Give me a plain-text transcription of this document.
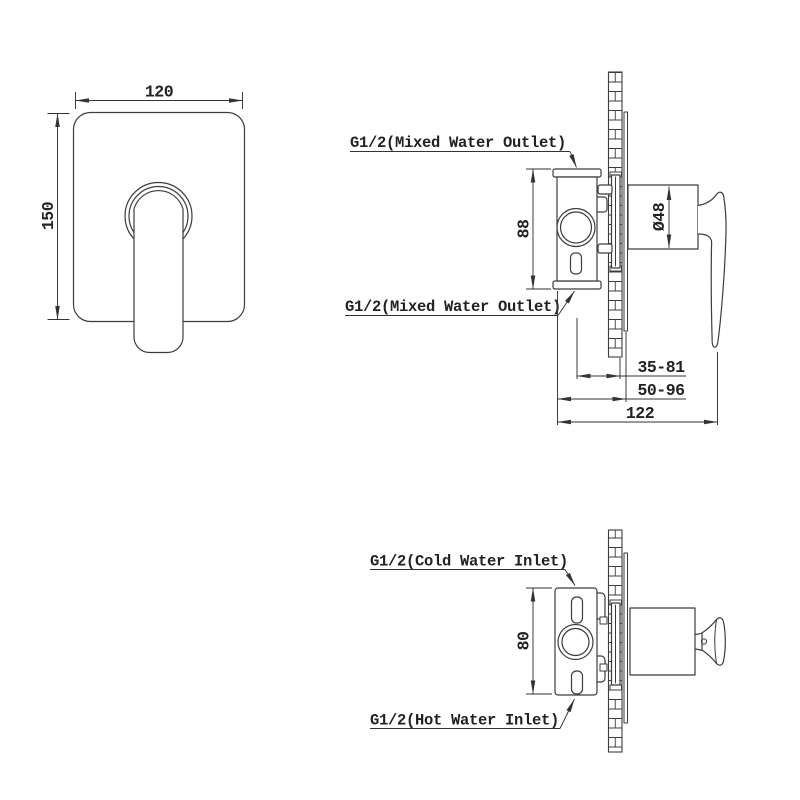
120
150
G1/2(Mixed Water Outlet)
G1/2(Mixed Water Outlet)
88	Ø48
35-81
50-96
122
G1/2(Cold Water Inlet)
G1/2(Hot Water Inlet)
80
